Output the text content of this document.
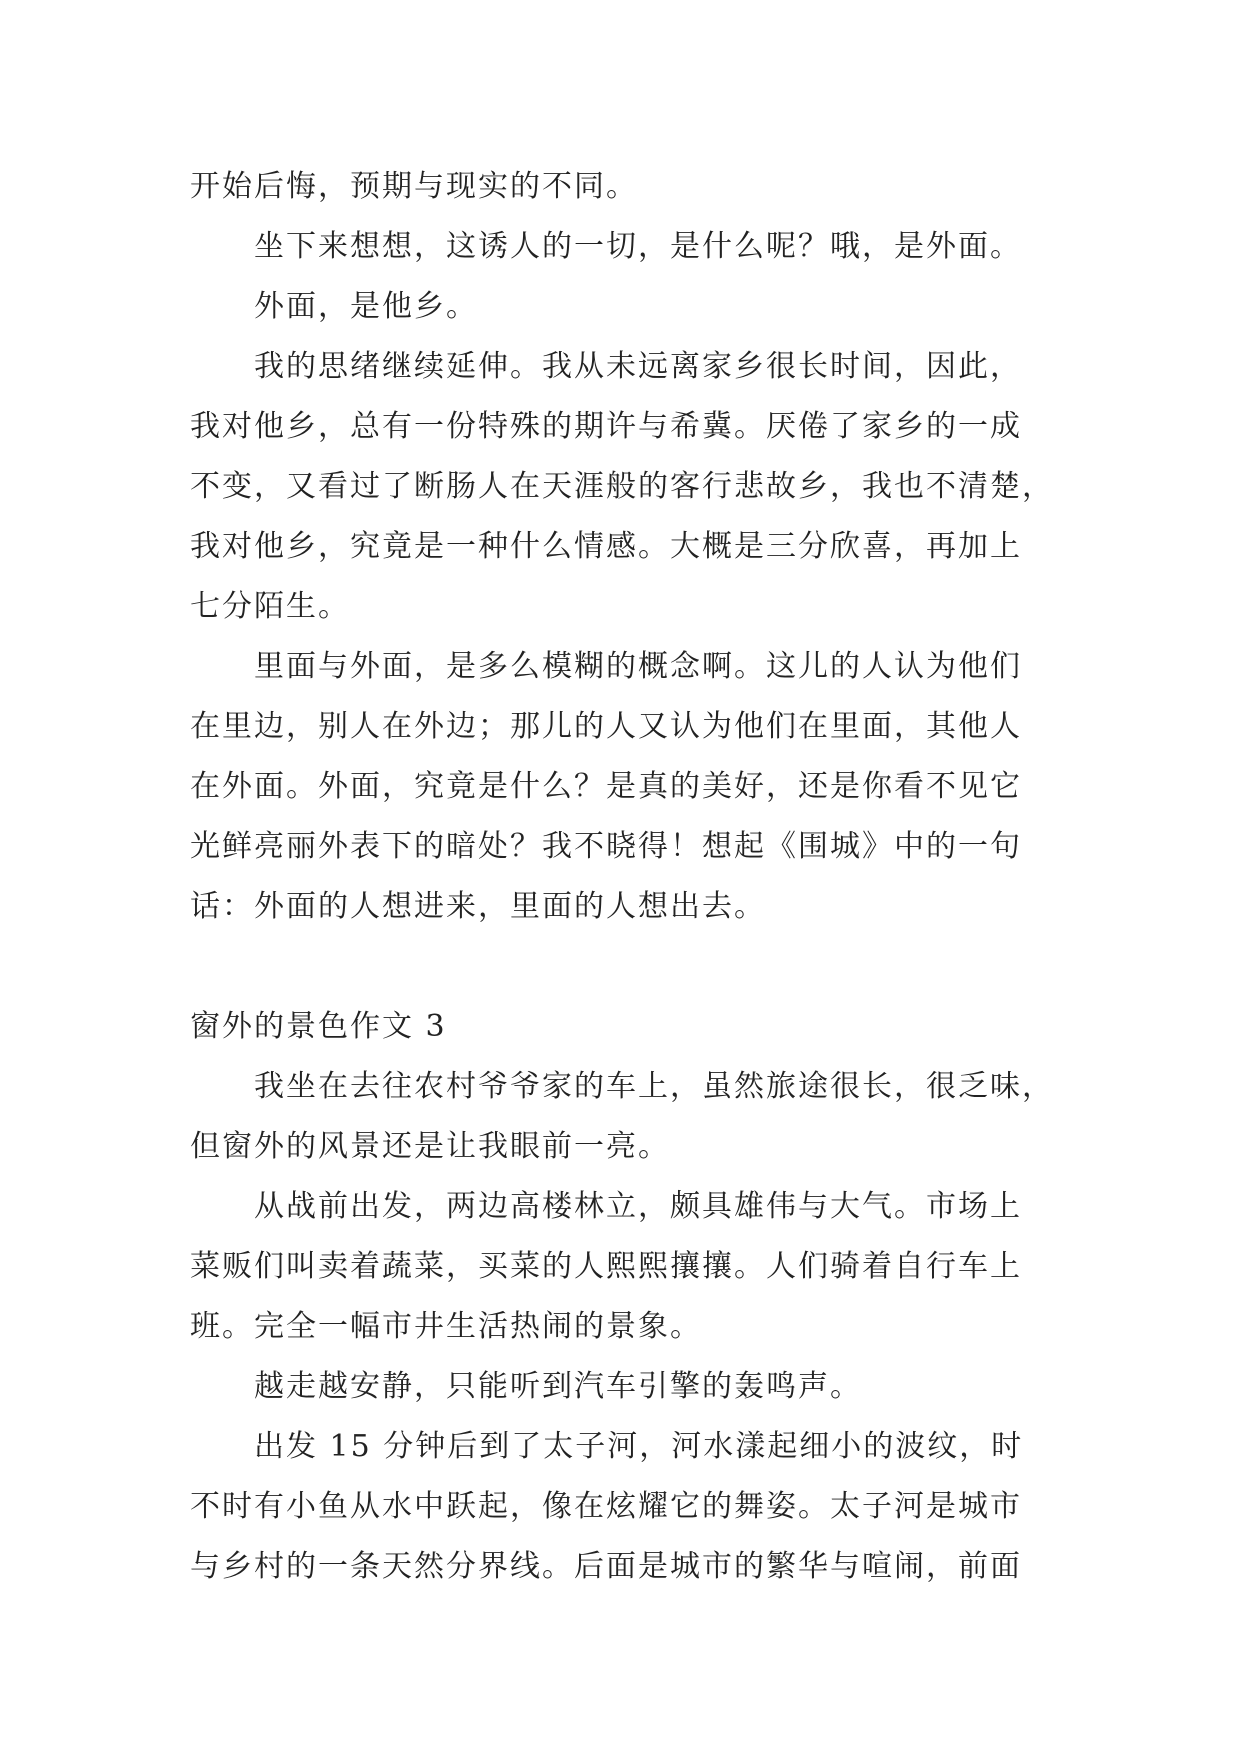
开始后悔，预期与现实的不同。
坐下来想想，这诱人的一切，是什么呢？哦，是外面。
外面，是他乡。
我的思绪继续延伸。我从未远离家乡很长时间，因此，
我对他乡，总有一份特殊的期许与希冀。厌倦了家乡的一成
不变，又看过了断肠人在天涯般的客行悲故乡，我也不清楚，
我对他乡，究竟是一种什么情感。大概是三分欣喜，再加上
七分陌生。
里面与外面，是多么模糊的概念啊。这儿的人认为他们
在里边，别人在外边；那儿的人又认为他们在里面，其他人
在外面。外面，究竟是什么？是真的美好，还是你看不见它
光鲜亮丽外表下的暗处？我不晓得！想起《围城》中的一句
话：外面的人想进来，里面的人想出去。
窗外的景色作文 3
我坐在去往农村爷爷家的车上，虽然旅途很长，很乏味，
但窗外的风景还是让我眼前一亮。
从战前出发，两边高楼林立，颇具雄伟与大气。市场上
菜贩们叫卖着蔬菜，买菜的人熙熙攘攘。人们骑着自行车上
班。完全一幅市井生活热闹的景象。
越走越安静，只能听到汽车引擎的轰鸣声。
出发 15 分钟后到了太子河，河水漾起细小的波纹，时
不时有小鱼从水中跃起，像在炫耀它的舞姿。太子河是城市
与乡村的一条天然分界线。后面是城市的繁华与喧闹，前面
